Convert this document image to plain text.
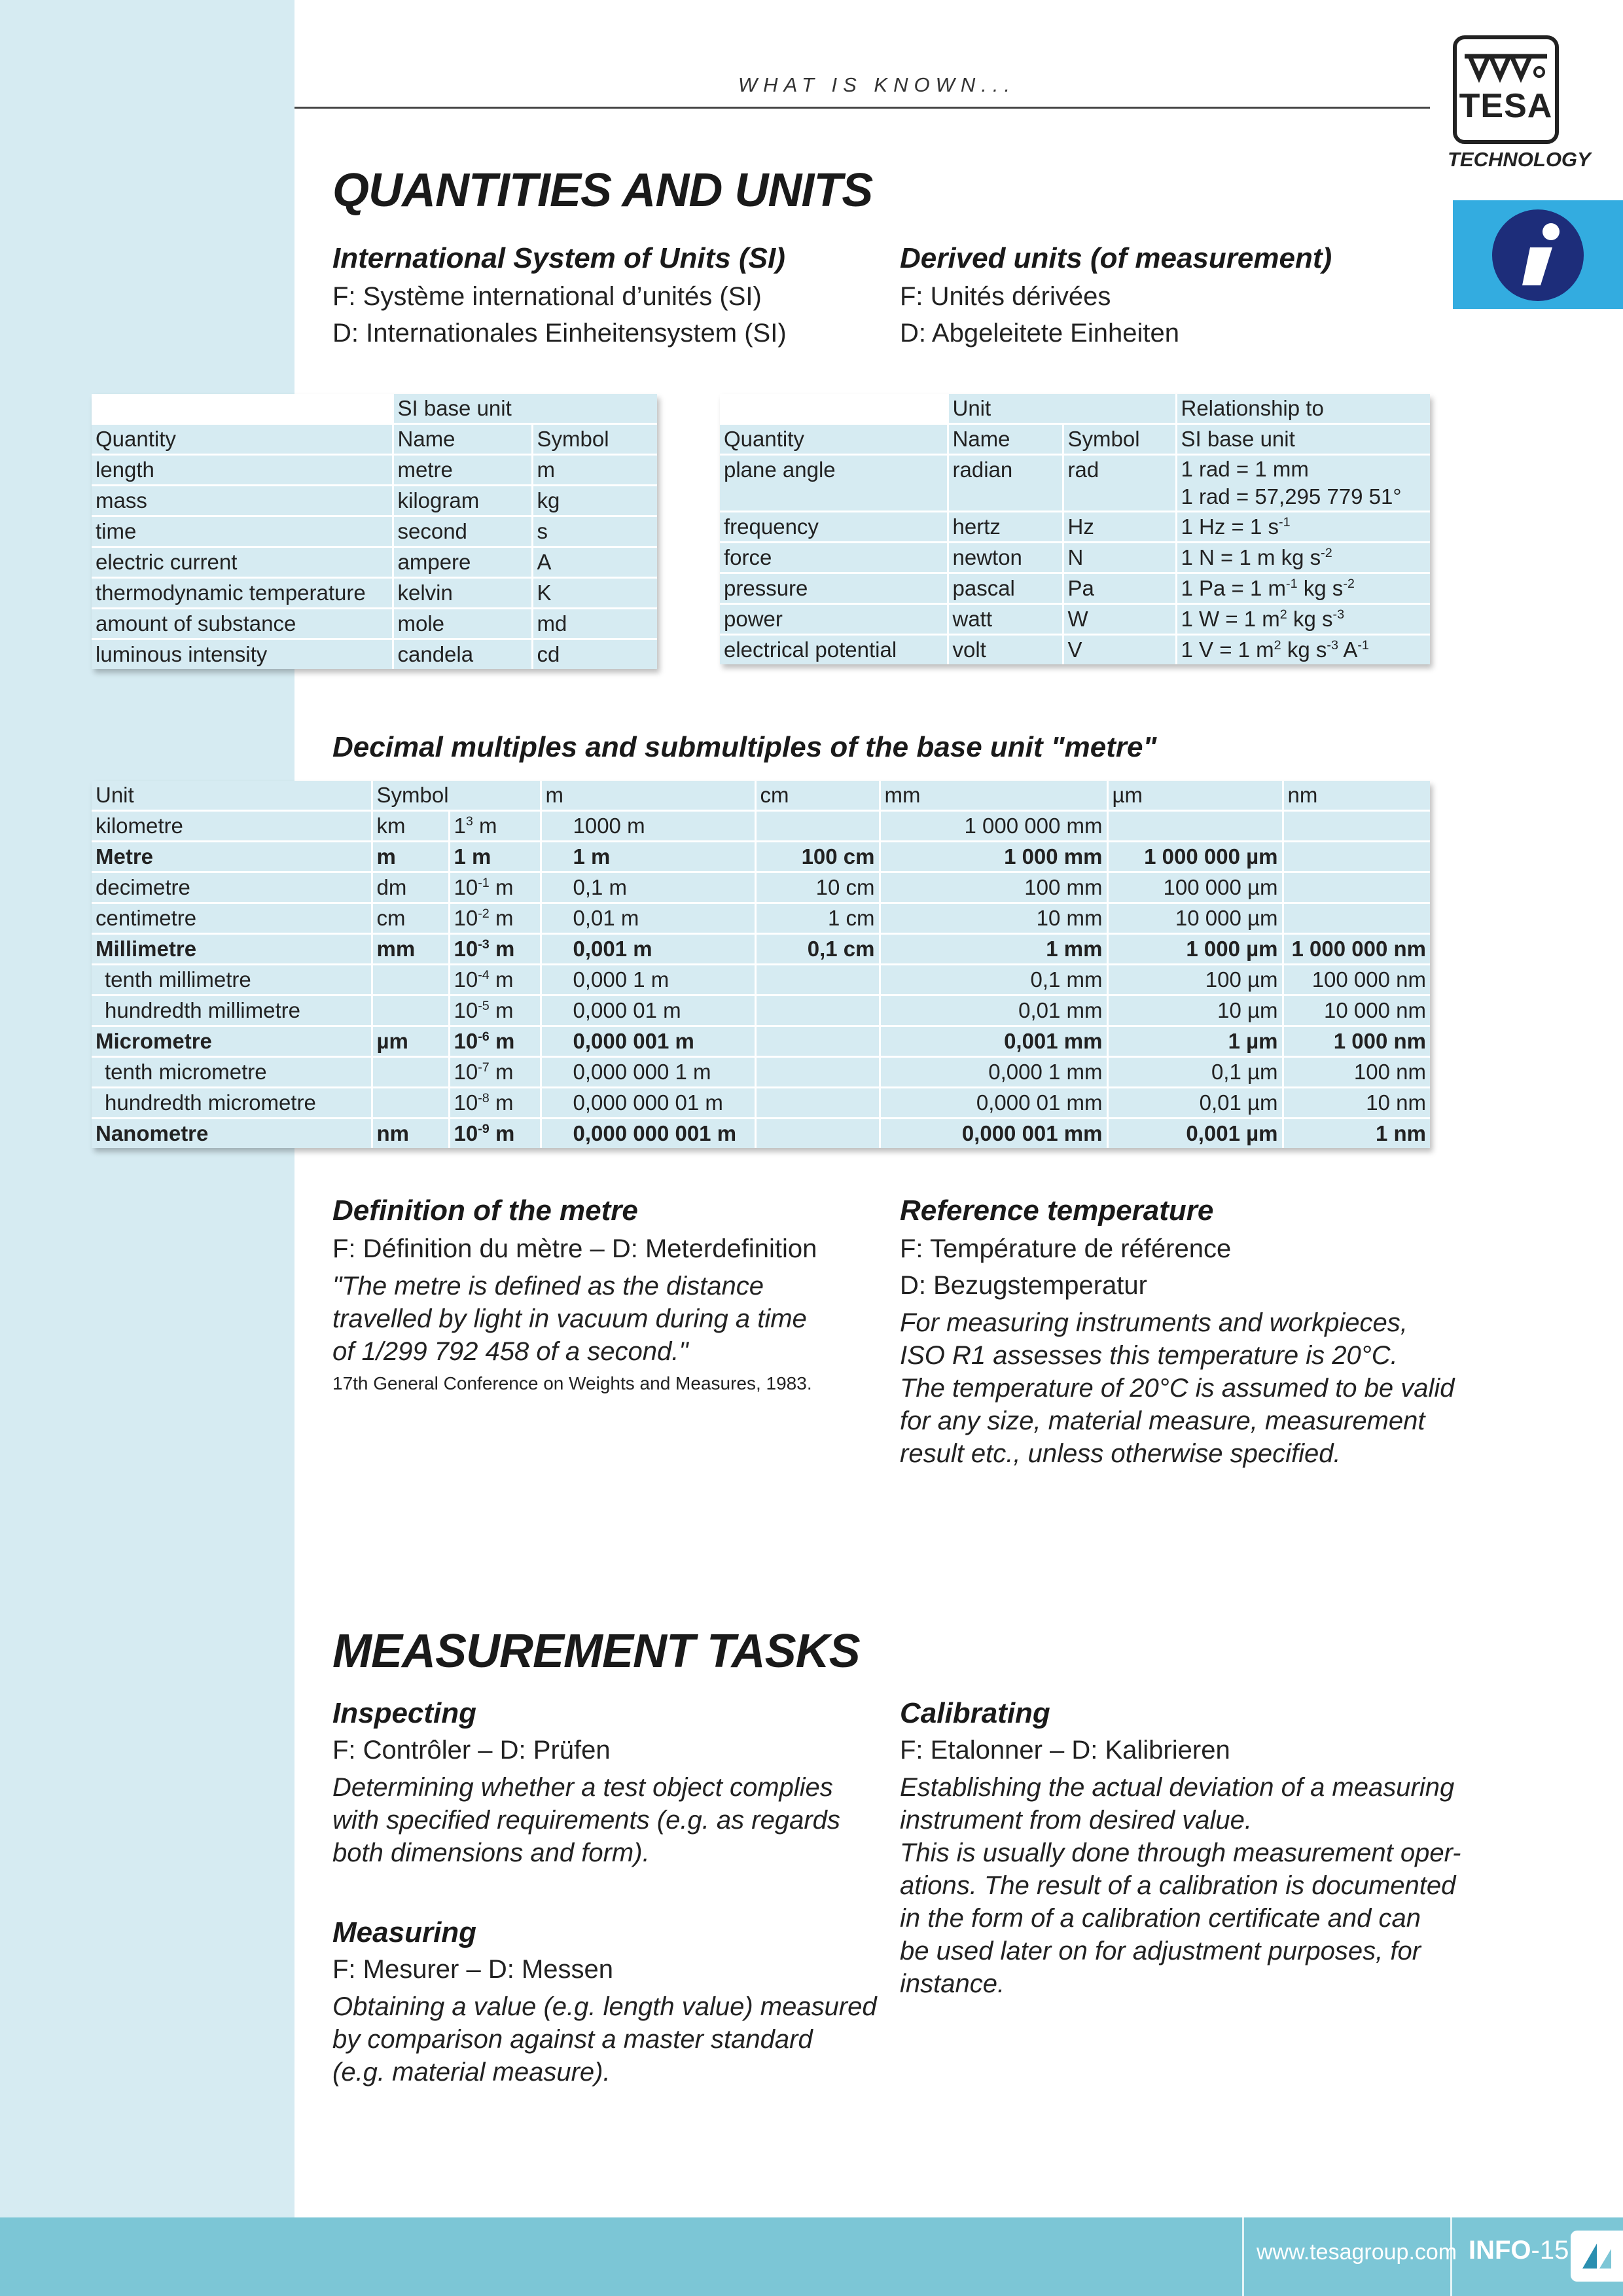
WHAT IS KNOWN...
TESA
TECHNOLOGY
QUANTITIES AND UNITS
International System of Units (SI)
F: Système international d’unités (SI)
D: Internationales Einheitensystem (SI)
Derived units (of measurement)
F: Unités dérivées
D: Abgeleitete Einheiten
	SI base unit	
Quantity	Name	Symbol
length	metre	m
mass	kilogram	kg
time	second	s
electric current	ampere	A
thermodynamic temperature	kelvin	K
amount of substance	mole	md
luminous intensity	candela	cd
	Unit		Relationship to
Quantity	Name	Symbol	SI base unit
plane angle	radian	rad	1 rad = 1 mm
1 rad = 57,295 779 51°

frequency	hertz	Hz	1 Hz = 1 $s^{-1}$
force	newton	N	1 N = 1 m kg $s^{-2}$
pressure	pascal	Pa	1 Pa = 1 $m^{-1}$ kg $s^{-2}$
power	watt	W	1 W = 1 $m^2$ kg $s^{-3}$
electrical potential	volt	V	1 V = 1 $m^2$ kg $s^{-3}$ $A^{-1}$
Decimal multiples and submultiples of the base unit "metre"
Unit	Symbol		m	cm	mm	µm	nm
kilometre	km	$1^3$ m	1000 m		1 000 000 mm		
Metre	m	1 m	1 m	100 cm	1 000 mm	1 000 000 µm	
decimetre	dm	$10^{-1}$ m	0,1 m	10 cm	100 mm	100 000 µm	
centimetre	cm	$10^{-2}$ m	0,01 m	1 cm	10 mm	10 000 µm	
Millimetre	mm	$10^{-3}$ m	0,001 m	0,1 cm	1 mm	1 000 µm	1 000 000 nm
tenth millimetre		$10^{-4}$ m	0,000 1 m		0,1 mm	100 µm	100 000 nm
hundredth millimetre		$10^{-5}$ m	0,000 01 m		0,01 mm	10 µm	10 000 nm
Micrometre	µm	$10^{-6}$ m	0,000 001 m		0,001 mm	1 µm	1 000 nm
tenth micrometre		$10^{-7}$ m	0,000 000 1 m		0,000 1 mm	0,1 µm	100 nm
hundredth micrometre		$10^{-8}$ m	0,000 000 01 m		0,000 01 mm	0,01 µm	10 nm
Nanometre	nm	$10^{-9}$ m	0,000 000 001 m		0,000 001 mm	0,001 µm	1 nm
Definition of the metre
F: Définition du mètre – D: Meterdefinition
"The metre is defined as the distance
travelled by light in vacuum during a time
of 1/299 792 458 of a second."
17th General Conference on Weights and Measures, 1983.
Reference temperature
F: Température de référence
D: Bezugstemperatur
For measuring instruments and workpieces,
ISO R1 assesses this temperature is 20°C.
The temperature of 20°C is assumed to be valid
for any size, material measure, measurement
result etc., unless otherwise specified.
MEASUREMENT TASKS
Inspecting
F: Contrôler – D: Prüfen
Determining whether a test object complies
with specified requirements (e.g. as regards
both dimensions and form).
Measuring
F: Mesurer – D: Messen
Obtaining a value (e.g. length value) measured
by comparison against a master standard
(e.g. material measure).
Calibrating
F: Etalonner – D: Kalibrieren
Establishing the actual deviation of a measuring
instrument from desired value.
This is usually done through measurement oper-
ations. The result of a calibration is documented
in the form of a calibration certificate and can
be used later on for adjustment purposes, for
instance.
www.tesagroup.com INFO-15
